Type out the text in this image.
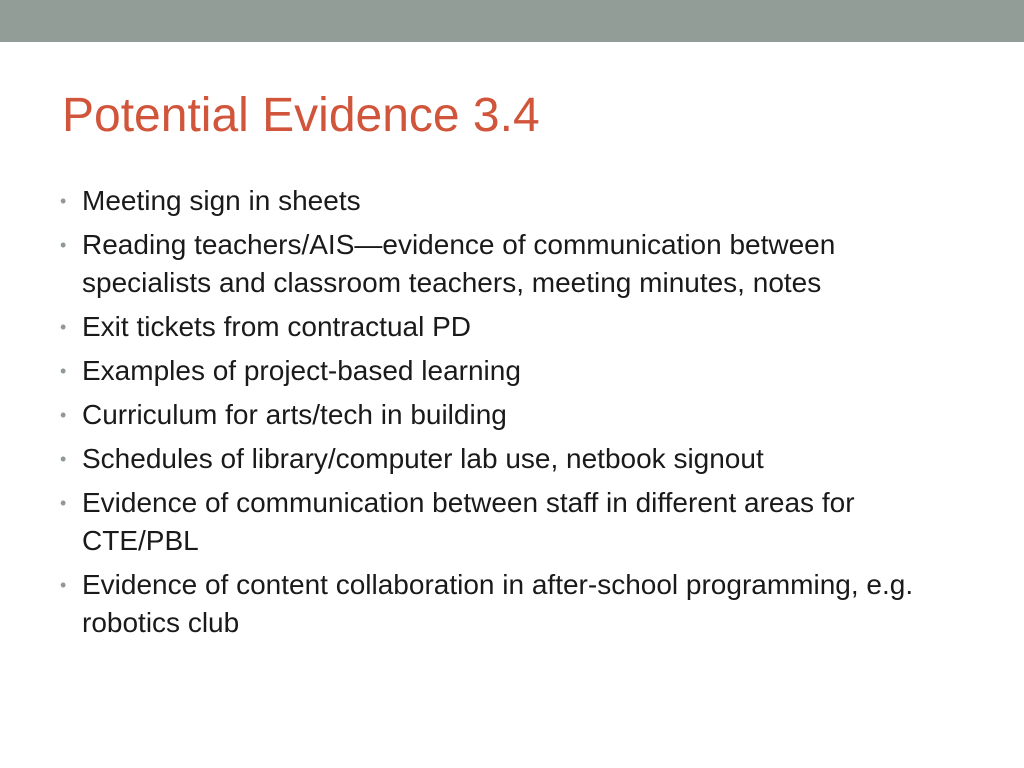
Potential Evidence 3.4
• Meeting sign in sheets
• Reading teachers/AIS—evidence of communication between specialists and classroom teachers, meeting minutes, notes
• Exit tickets from contractual PD
• Examples of project-based learning
• Curriculum for arts/tech in building
• Schedules of library/computer lab use, netbook signout
• Evidence of communication between staff in different areas for CTE/PBL
• Evidence of content collaboration in after-school programming, e.g. robotics club
